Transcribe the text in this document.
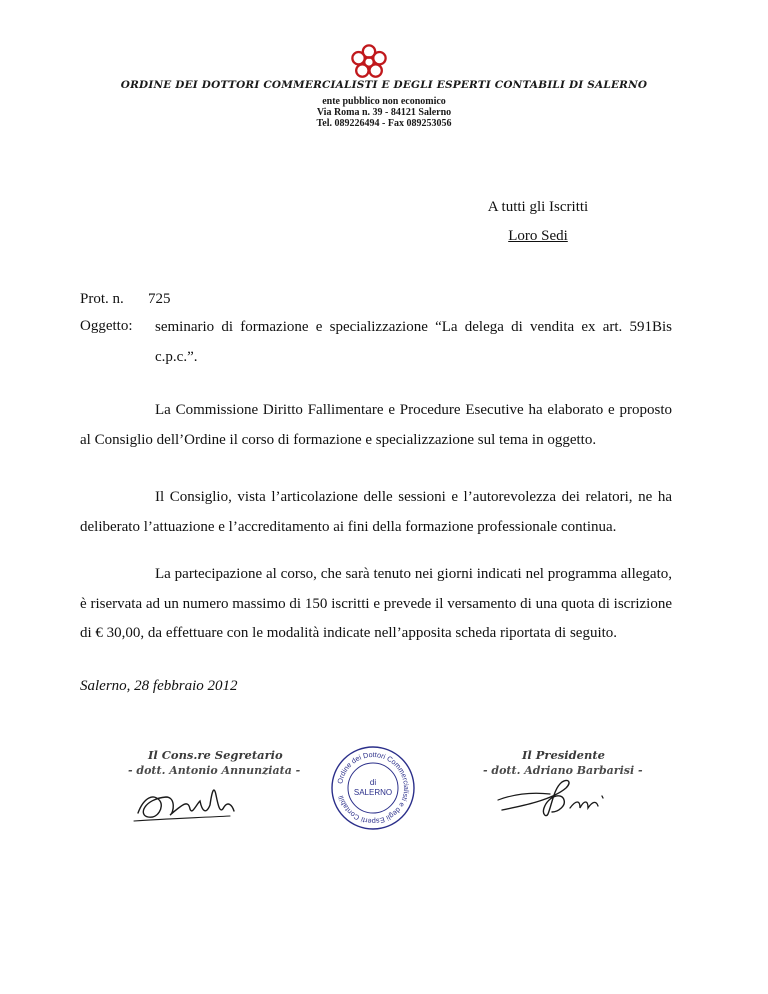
ORDINE DEI DOTTORI COMMERCIALISTI E DEGLI ESPERTI CONTABILI DI SALERNO
ente pubblico non economico
Via Roma n. 39 - 84121 Salerno
Tel. 089226494 - Fax 089253056
A tutti gli Iscritti
Loro Sedi
Prot. n. 725
Oggetto: seminario di formazione e specializzazione “La delega di vendita ex art. 591Bis c.p.c.”.

La Commissione Diritto Fallimentare e Procedure Esecutive ha elaborato e proposto al Consiglio dell’Ordine il corso di formazione e specializzazione sul tema in oggetto.

Il Consiglio, vista l’articolazione delle sessioni e l’autorevolezza dei relatori, ne ha deliberato l’attuazione e l’accreditamento ai fini della formazione professionale continua.

La partecipazione al corso, che sarà tenuto nei giorni indicati nel programma allegato, è riservata ad un numero massimo di 150 iscritti e prevede il versamento di una quota di iscrizione di € 30,00, da effettuare con le modalità indicate nell’apposita scheda riportata di seguito.

Salerno, 28 febbraio 2012
Il Cons.re Segretario
- dott. Antonio Annunziata -
Ordine dei Dottori Commercialisti e degli Esperti Contabili
di
SALERNO
Il Presidente
- dott. Adriano Barbarisi -
